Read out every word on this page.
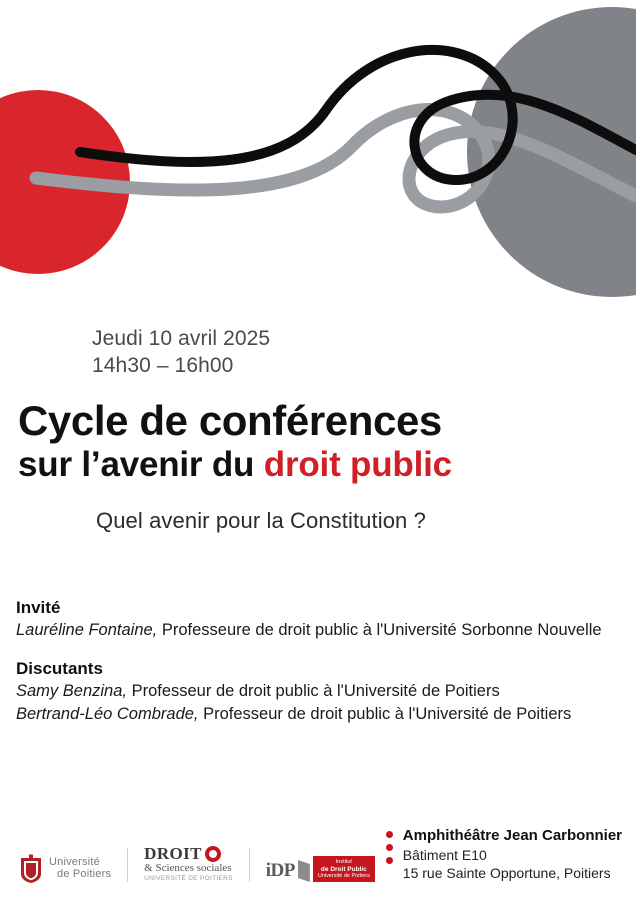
Jeudi 10 avril 2025
14h30 – 16h00
Cycle de conférences
sur l’avenir du droit public
Quel avenir pour la Constitution ?
Invité
Lauréline Fontaine, Professeure de droit public à l'Université Sorbonne Nouvelle
Discutants
Samy Benzina, Professeur de droit public à l'Université de Poitiers
Bertrand-Léo Combrade, Professeur de droit public à l'Université de Poitiers
Université
de Poitiers
DROIT
& Sciences sociales
UNIVERSITÉ DE POITIERS iDP	Institut
de Droit Public
Université de Poitiers
Amphithéâtre Jean Carbonnier
Bâtiment E10
15 rue Sainte Opportune, Poitiers
